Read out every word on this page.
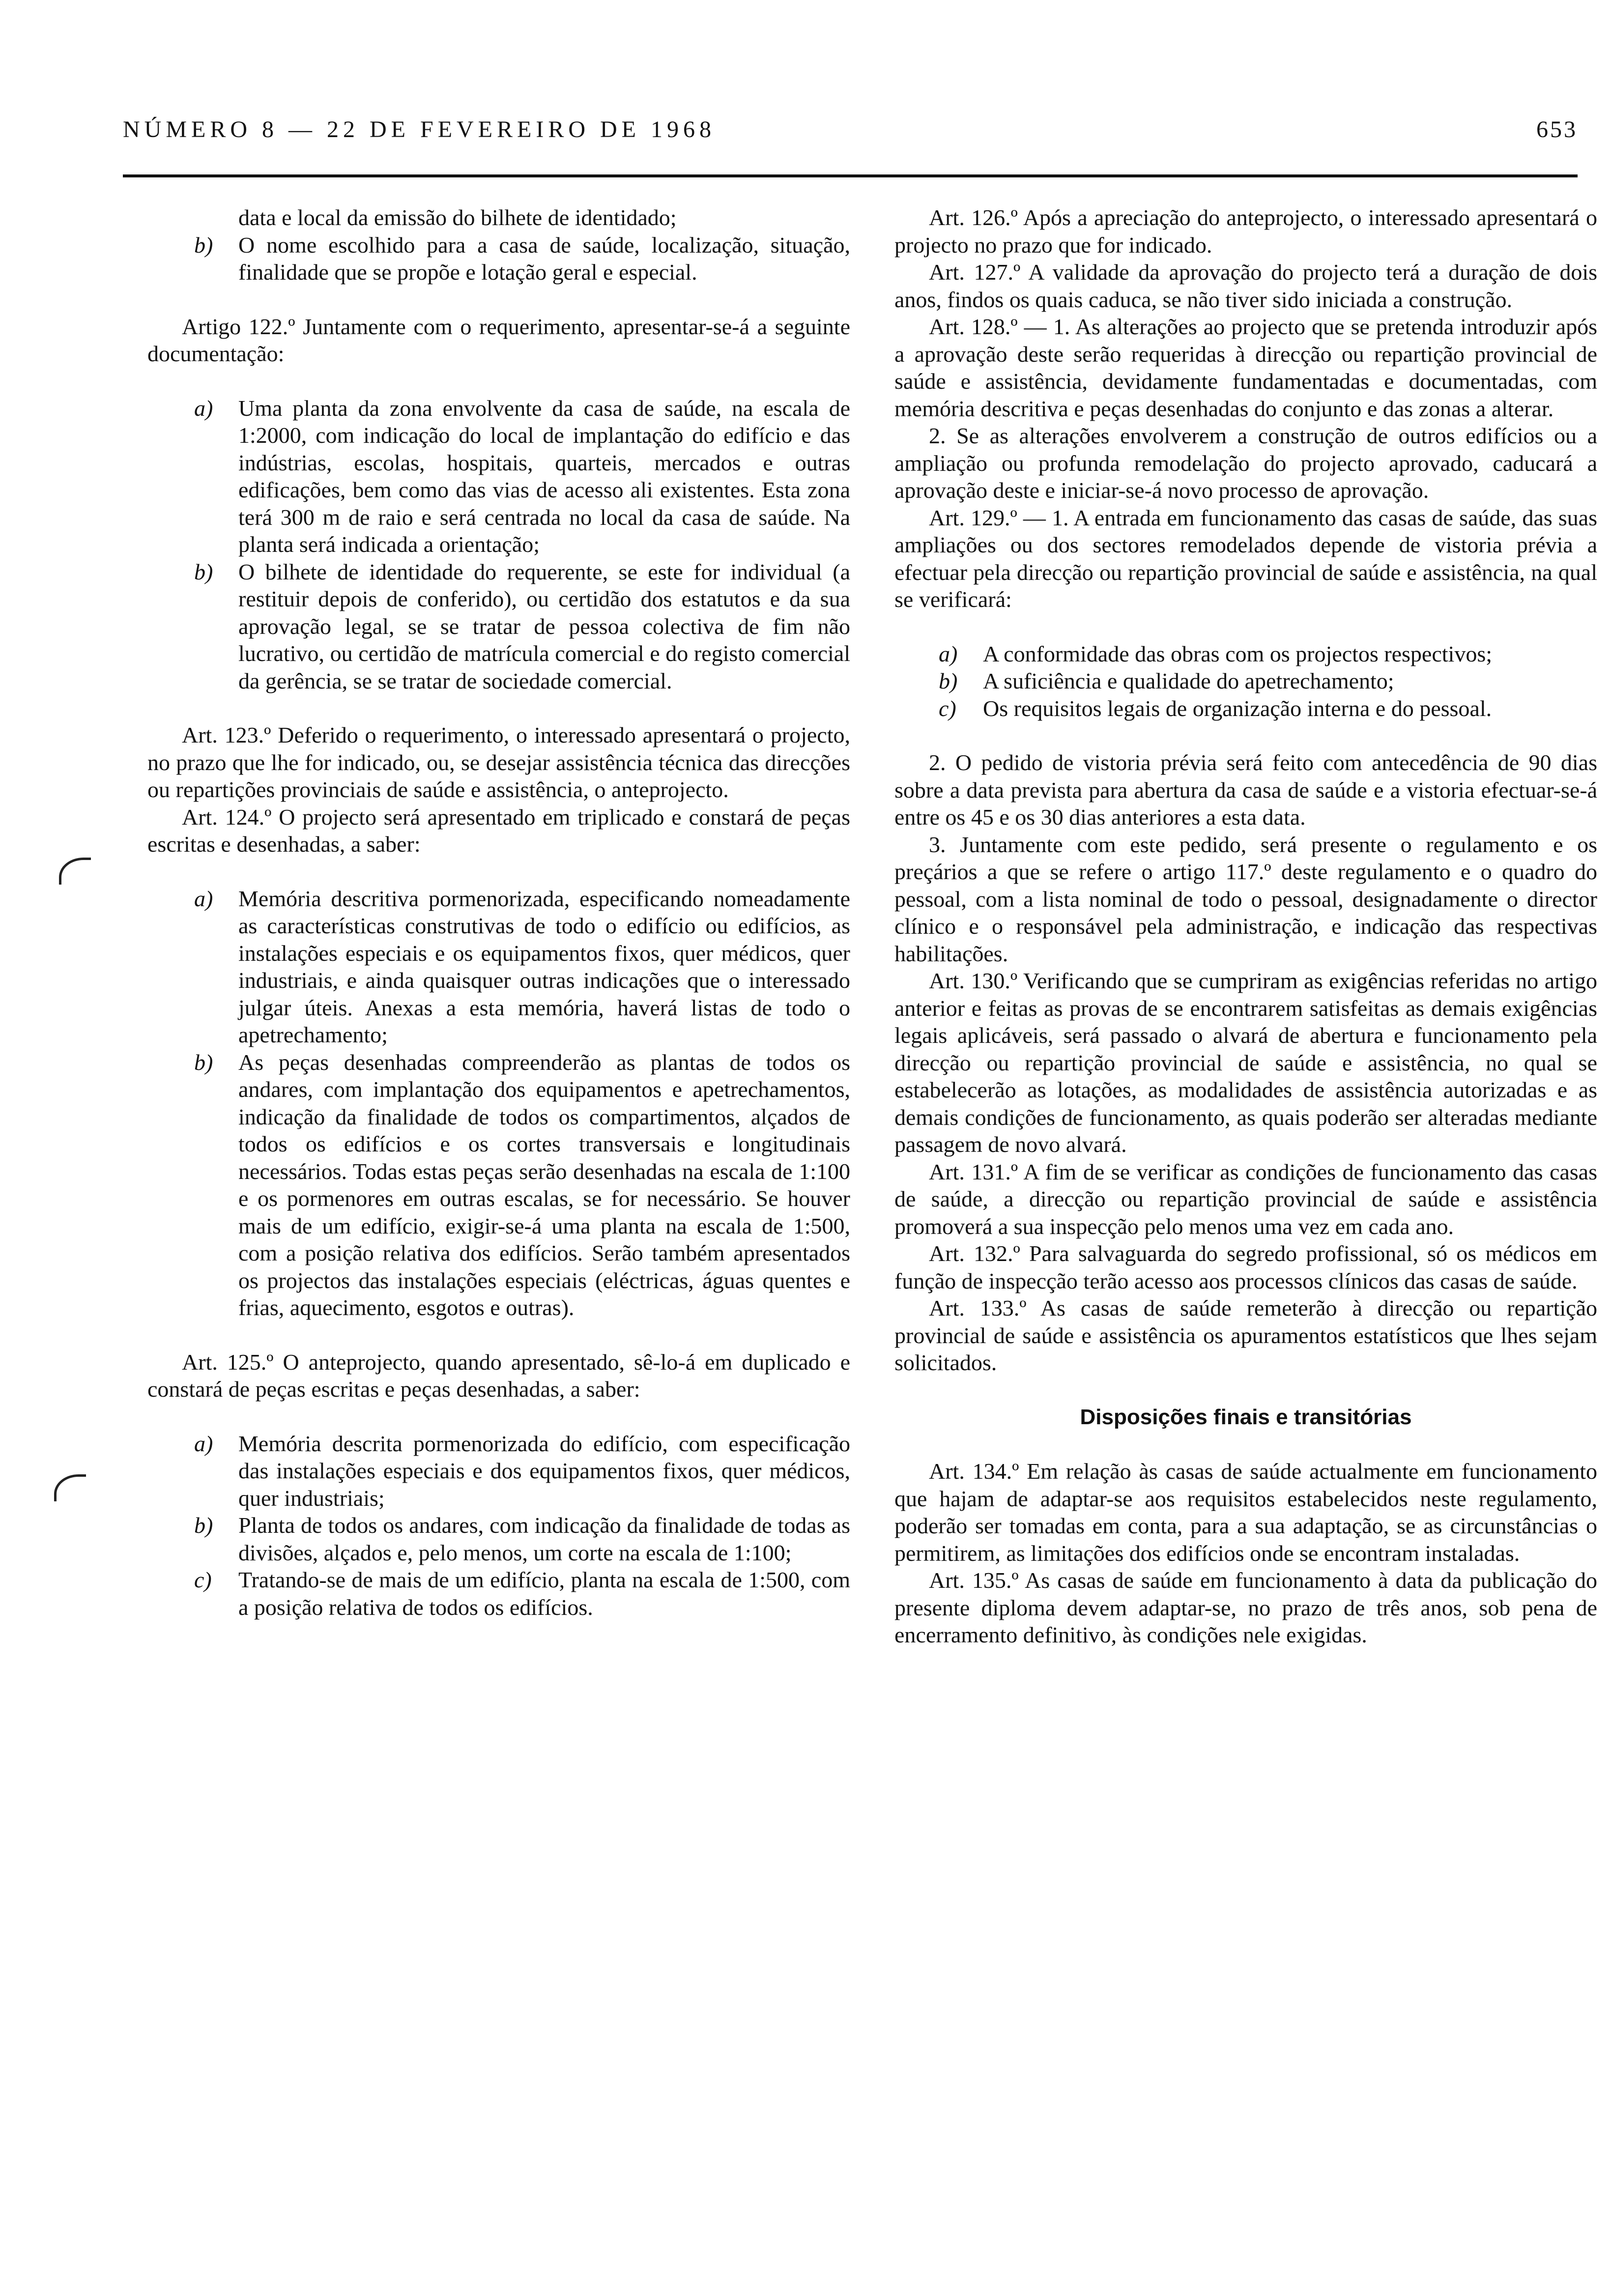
NÚMERO 8 — 22 DE FEVEREIRO DE 1968	653

data e local da emissão do bilhete de identidado;

b) O nome escolhido para a casa de saúde, localização, situação, finalidade que se propõe e lotação geral e especial.

Artigo 122.º Juntamente com o requerimento, apresentar-se-á a seguinte documentação:

a) Uma planta da zona envolvente da casa de saúde, na escala de 1:2000, com indicação do local de implantação do edifício e das indústrias, escolas, hospitais, quarteis, mercados e outras edificações, bem como das vias de acesso ali existentes. Esta zona terá 300 m de raio e será centrada no local da casa de saúde. Na planta será indicada a orientação;

b) O bilhete de identidade do requerente, se este for individual (a restituir depois de conferido), ou certidão dos estatutos e da sua aprovação legal, se se tratar de pessoa colectiva de fim não lucrativo, ou certidão de matrícula comercial e do registo comercial da gerência, se se tratar de sociedade comercial.

Art. 123.º Deferido o requerimento, o interessado apresentará o projecto, no prazo que lhe for indicado, ou, se desejar assistência técnica das direcções ou repartições provinciais de saúde e assistência, o anteprojecto.

Art. 124.º O projecto será apresentado em triplicado e constará de peças escritas e desenhadas, a saber:

a) Memória descritiva pormenorizada, especificando nomeadamente as características construtivas de todo o edifício ou edifícios, as instalações especiais e os equipamentos fixos, quer médicos, quer industriais, e ainda quaisquer outras indicações que o interessado julgar úteis. Anexas a esta memória, haverá listas de todo o apetrechamento;

b) As peças desenhadas compreenderão as plantas de todos os andares, com implantação dos equipamentos e apetrechamentos, indicação da finalidade de todos os compartimentos, alçados de todos os edifícios e os cortes transversais e longitudinais necessários. Todas estas peças serão desenhadas na escala de 1:100 e os pormenores em outras escalas, se for necessário. Se houver mais de um edifício, exigir-se-á uma planta na escala de 1:500, com a posição relativa dos edifícios. Serão também apresentados os projectos das instalações especiais (eléctricas, águas quentes e frias, aquecimento, esgotos e outras).

Art. 125.º O anteprojecto, quando apresentado, sê-lo-á em duplicado e constará de peças escritas e peças desenhadas, a saber:

a) Memória descrita pormenorizada do edifício, com especificação das instalações especiais e dos equipamentos fixos, quer médicos, quer industriais;

b) Planta de todos os andares, com indicação da finalidade de todas as divisões, alçados e, pelo menos, um corte na escala de 1:100;

c) Tratando-se de mais de um edifício, planta na escala de 1:500, com a posição relativa de todos os edifícios.

Art. 126.º Após a apreciação do anteprojecto, o interessado apresentará o projecto no prazo que for indicado.

Art. 127.º A validade da aprovação do projecto terá a duração de dois anos, findos os quais caduca, se não tiver sido iniciada a construção.

Art. 128.º — 1. As alterações ao projecto que se pretenda introduzir após a aprovação deste serão requeridas à direcção ou repartição provincial de saúde e assistência, devidamente fundamentadas e documentadas, com memória descritiva e peças desenhadas do conjunto e das zonas a alterar.

2. Se as alterações envolverem a construção de outros edifícios ou a ampliação ou profunda remodelação do projecto aprovado, caducará a aprovação deste e iniciar-se-á novo processo de aprovação.

Art. 129.º — 1. A entrada em funcionamento das casas de saúde, das suas ampliações ou dos sectores remodelados depende de vistoria prévia a efectuar pela direcção ou repartição provincial de saúde e assistência, na qual se verificará:

a) A conformidade das obras com os projectos respectivos;

b) A suficiência e qualidade do apetrechamento;

c) Os requisitos legais de organização interna e do pessoal.

2. O pedido de vistoria prévia será feito com antecedência de 90 dias sobre a data prevista para abertura da casa de saúde e a vistoria efectuar-se-á entre os 45 e os 30 dias anteriores a esta data.

3. Juntamente com este pedido, será presente o regulamento e os preçários a que se refere o artigo 117.º deste regulamento e o quadro do pessoal, com a lista nominal de todo o pessoal, designadamente o director clínico e o responsável pela administração, e indicação das respectivas habilitações.

Art. 130.º Verificando que se cumpriram as exigências referidas no artigo anterior e feitas as provas de se encontrarem satisfeitas as demais exigências legais aplicáveis, será passado o alvará de abertura e funcionamento pela direcção ou repartição provincial de saúde e assistência, no qual se estabelecerão as lotações, as modalidades de assistência autorizadas e as demais condições de funcionamento, as quais poderão ser alteradas mediante passagem de novo alvará.

Art. 131.º A fim de se verificar as condições de funcionamento das casas de saúde, a direcção ou repartição provincial de saúde e assistência promoverá a sua inspecção pelo menos uma vez em cada ano.

Art. 132.º Para salvaguarda do segredo profissional, só os médicos em função de inspecção terão acesso aos processos clínicos das casas de saúde.

Art. 133.º As casas de saúde remeterão à direcção ou repartição provincial de saúde e assistência os apuramentos estatísticos que lhes sejam solicitados.

Disposições finais e transitórias

Art. 134.º Em relação às casas de saúde actualmente em funcionamento que hajam de adaptar-se aos requisitos estabelecidos neste regulamento, poderão ser tomadas em conta, para a sua adaptação, se as circunstâncias o permitirem, as limitações dos edifícios onde se encontram instaladas.

Art. 135.º As casas de saúde em funcionamento à data da publicação do presente diploma devem adaptar-se, no prazo de três anos, sob pena de encerramento definitivo, às condições nele exigidas.
